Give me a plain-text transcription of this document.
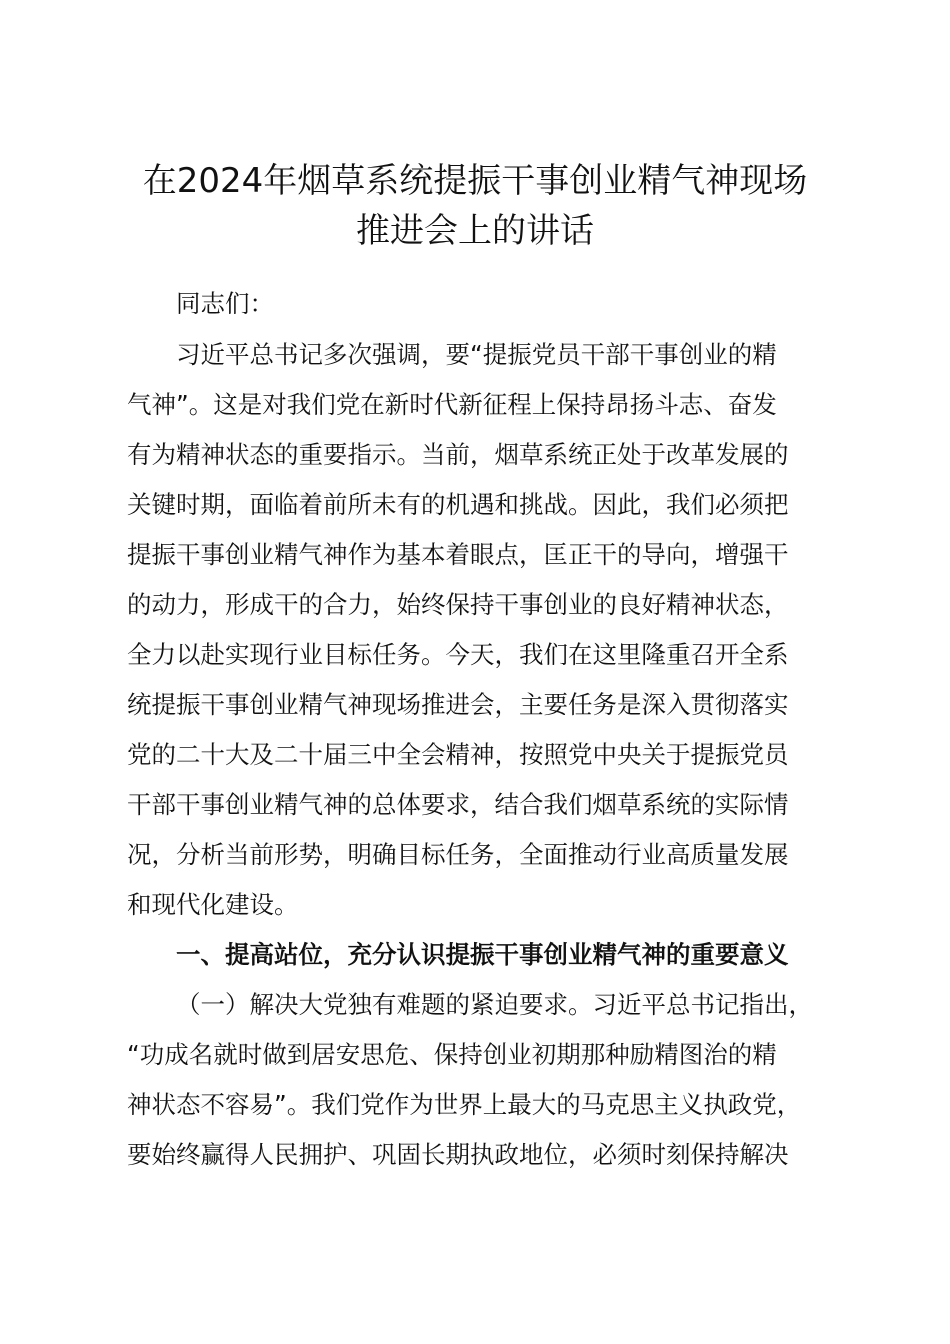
在2024年烟草系统提振干事创业精气神现场
推进会上的讲话

同志们：

习近平总书记多次强调，要“提振党员干部干事创业的精

气神”。这是对我们党在新时代新征程上保持昂扬斗志、奋发

有为精神状态的重要指示。当前，烟草系统正处于改革发展的

关键时期，面临着前所未有的机遇和挑战。因此，我们必须把

提振干事创业精气神作为基本着眼点，匡正干的导向，增强干

的动力，形成干的合力，始终保持干事创业的良好精神状态，

全力以赴实现行业目标任务。今天，我们在这里隆重召开全系

统提振干事创业精气神现场推进会，主要任务是深入贯彻落实

党的二十大及二十届三中全会精神，按照党中央关于提振党员

干部干事创业精气神的总体要求，结合我们烟草系统的实际情

况，分析当前形势，明确目标任务，全面推动行业高质量发展

和现代化建设。

一、提高站位，充分认识提振干事创业精气神的重要意义

（一）解决大党独有难题的紧迫要求。习近平总书记指出，

“功成名就时做到居安思危、保持创业初期那种励精图治的精

神状态不容易”。我们党作为世界上最大的马克思主义执政党，

要始终赢得人民拥护、巩固长期执政地位，必须时刻保持解决
